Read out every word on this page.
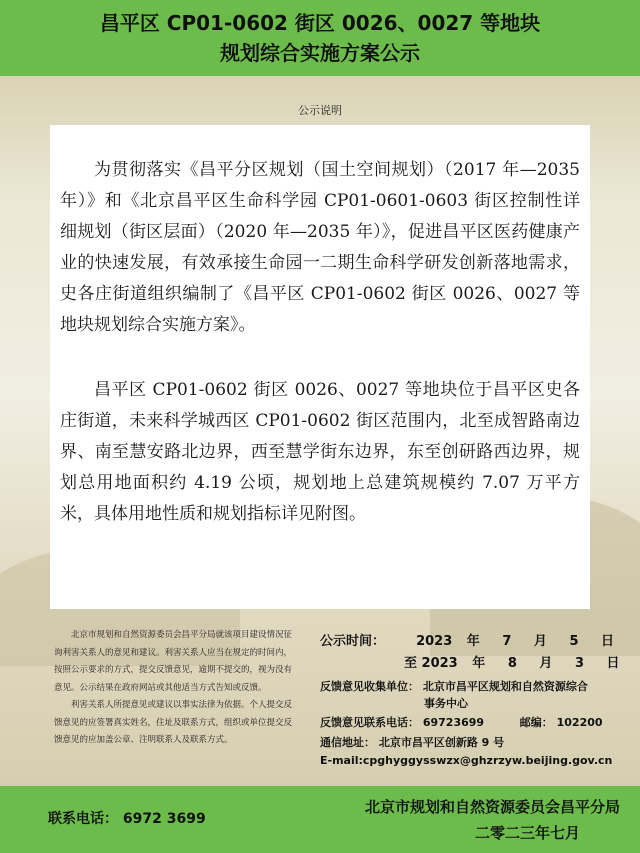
昌平区 CP01-0602 街区 0026、0027 等地块
规划综合实施方案公示
公示说明

为贯彻落实《昌平分区规划（国土空间规划）（2017 年—2035 年）》和《北京昌平区生命科学园 CP01-0601-0603 街区控制性详细规划（街区层面）（2020 年—2035 年）》，促进昌平区医药健康产业的快速发展，有效承接生命园一二期生命科学研发创新落地需求，史各庄街道组织编制了《昌平区 CP01-0602 街区 0026、0027 等地块规划综合实施方案》。

昌平区 CP01-0602 街区 0026、0027 等地块位于昌平区史各庄街道，未来科学城西区 CP01-0602 街区范围内，北至成智路南边界、南至慧安路北边界，西至慧学街东边界，东至创研路西边界，规划总用地面积约 4.19 公顷，规划地上总建筑规模约 7.07 万平方米，具体用地性质和规划指标详见附图。

北京市规划和自然资源委员会昌平分局就该项目建设情况征询利害关系人的意见和建议。利害关系人应当在规定的时间内，按照公示要求的方式，提交反馈意见，逾期不提交的，视为没有意见。公示结果在政府网站或其他适当方式告知或反馈。

利害关系人所提意见或建议以事实法律为依据。个人提交反馈意见的应签署真实姓名，住址及联系方式，组织或单位提交反馈意见的应加盖公章、注明联系人及联系方式。

公示时间： 2023 年 7 月 5 日
至 2023 年 8 月 3 日
反馈意见收集单位： 北京市昌平区规划和自然资源综合
事务中心
反馈意见联系电话： 69723699	邮编： 102200
通信地址： 北京市昌平区创新路 9 号
E-mail:cpghyggysswzx@ghzrzyw.beijing.gov.cn
联系电话： 6972 3699
北京市规划和自然资源委员会昌平分局
二零二三年七月
